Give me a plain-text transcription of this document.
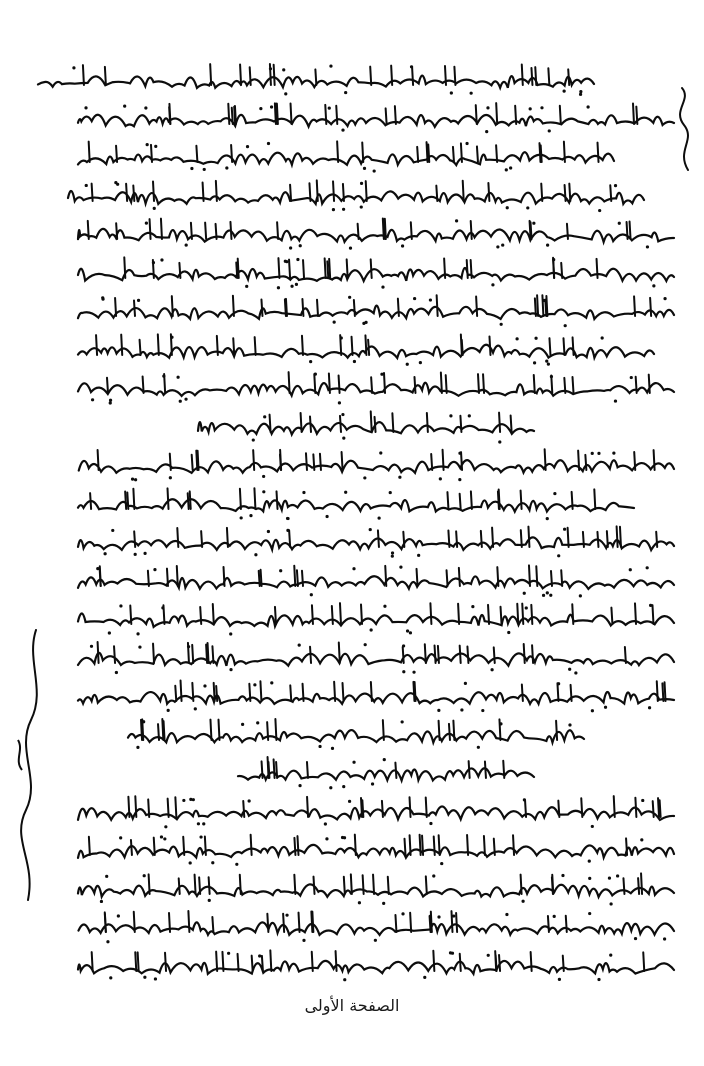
الصفحة الأولى
